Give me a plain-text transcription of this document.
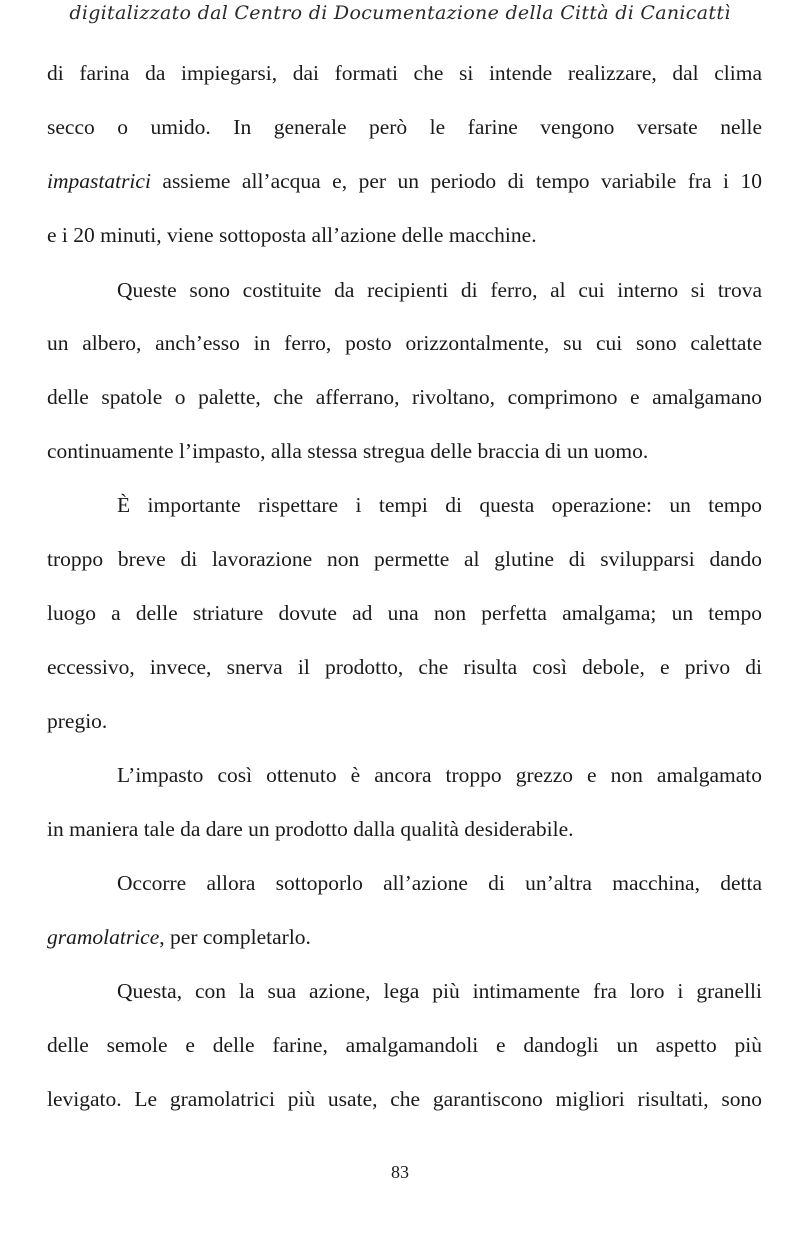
digitalizzato dal Centro di Documentazione della Città di Canicattì
di farina da impiegarsi, dai formati che si intende realizzare, dal clima
secco o umido. In generale però le farine vengono versate nelle
impastatrici assieme all’acqua e, per un periodo di tempo variabile fra i 10
e i 20 minuti, viene sottoposta all’azione delle macchine.
Queste sono costituite da recipienti di ferro, al cui interno si trova
un albero, anch’esso in ferro, posto orizzontalmente, su cui sono calettate
delle spatole o palette, che afferrano, rivoltano, comprimono e amalgamano
continuamente l’impasto, alla stessa stregua delle braccia di un uomo.
È importante rispettare i tempi di questa operazione: un tempo
troppo breve di lavorazione non permette al glutine di svilupparsi dando
luogo a delle striature dovute ad una non perfetta amalgama; un tempo
eccessivo, invece, snerva il prodotto, che risulta così debole, e privo di
pregio.
L’impasto così ottenuto è ancora troppo grezzo e non amalgamato
in maniera tale da dare un prodotto dalla qualità desiderabile.
Occorre allora sottoporlo all’azione di un’altra macchina, detta
gramolatrice, per completarlo.
Questa, con la sua azione, lega più intimamente fra loro i granelli
delle semole e delle farine, amalgamandoli e dandogli un aspetto più
levigato. Le gramolatrici più usate, che garantiscono migliori risultati, sono
83
